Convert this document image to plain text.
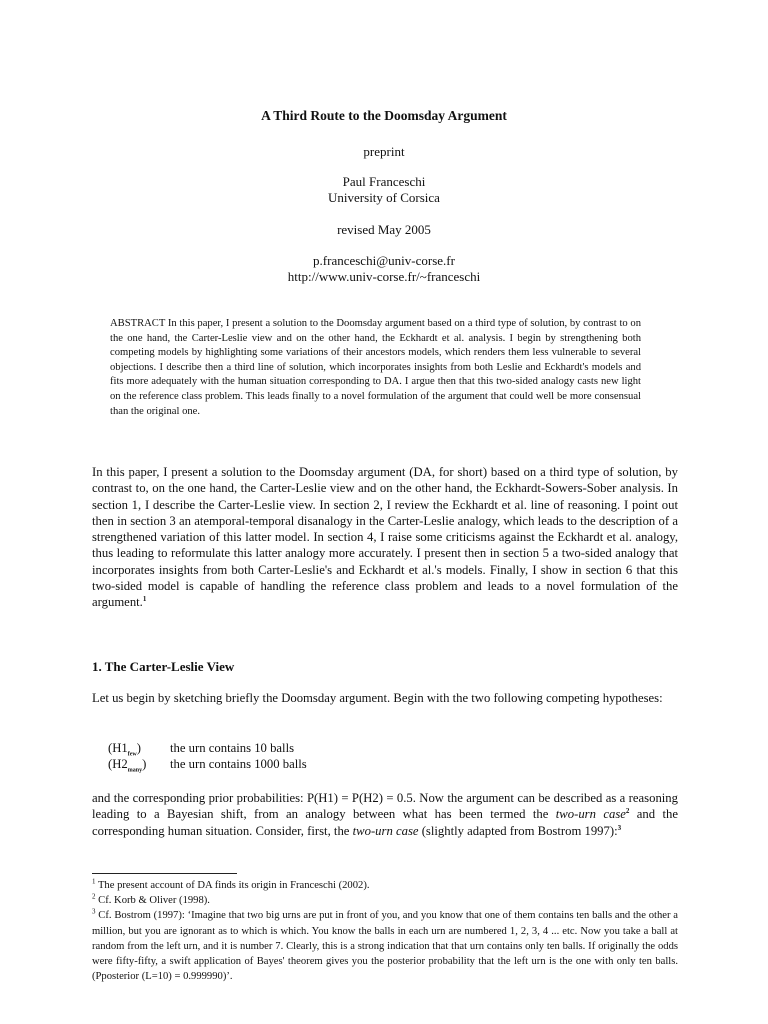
A Third Route to the Doomsday Argument
preprint
Paul Franceschi
University of Corsica
revised May 2005
p.franceschi@univ-corse.fr
http://www.univ-corse.fr/~franceschi
ABSTRACT In this paper, I present a solution to the Doomsday argument based on a third type of solution, by contrast to on the one hand, the Carter-Leslie view and on the other hand, the Eckhardt et al. analysis. I begin by strengthening both competing models by highlighting some variations of their ancestors models, which renders them less vulnerable to several objections. I describe then a third line of solution, which incorporates insights from both Leslie and Eckhardt's models and fits more adequately with the human situation corresponding to DA. I argue then that this two-sided analogy casts new light on the reference class problem. This leads finally to a novel formulation of the argument that could well be more consensual than the original one.
In this paper, I present a solution to the Doomsday argument (DA, for short) based on a third type of solution, by contrast to, on the one hand, the Carter-Leslie view and on the other hand, the Eckhardt-Sowers-Sober analysis. In section 1, I describe the Carter-Leslie view. In section 2, I review the Eckhardt et al. line of reasoning. I point out then in section 3 an atemporal-temporal disanalogy in the Carter-Leslie analogy, which leads to the description of a strengthened variation of this latter model. In section 4, I raise some criticisms against the Eckhardt et al. analogy, thus leading to reformulate this latter analogy more accurately. I present then in section 5 a two-sided analogy that incorporates insights from both Carter-Leslie's and Eckhardt et al.'s models. Finally, I show in section 6 that this two-sided model is capable of handling the reference class problem and leads to a novel formulation of the argument.$^1$
1. The Carter-Leslie View
Let us begin by sketching briefly the Doomsday argument. Begin with the two following competing hypotheses:
$(H1_{few})$ the urn contains 10 balls
$(H2_{many})$ the urn contains 1000 balls
and the corresponding prior probabilities: P(H1) = P(H2) = 0.5. Now the argument can be described as a reasoning leading to a Bayesian shift, from an analogy between what has been termed the two-urn case$^2$ and the corresponding human situation. Consider, first, the two-urn case (slightly adapted from Bostrom 1997):$^3$
$^1$ The present account of DA finds its origin in Franceschi (2002).
$^2$ Cf. Korb & Oliver (1998).
$^3$ Cf. Bostrom (1997): ‘Imagine that two big urns are put in front of you, and you know that one of them contains ten balls and the other a million, but you are ignorant as to which is which. You know the balls in each urn are numbered 1, 2, 3, 4 ... etc. Now you take a ball at random from the left urn, and it is number 7. Clearly, this is a strong indication that that urn contains only ten balls. If originally the odds were fifty-fifty, a swift application of Bayes' theorem gives you the posterior probability that the left urn is the one with only ten balls. (Pposterior (L=10) = 0.999990)’.
